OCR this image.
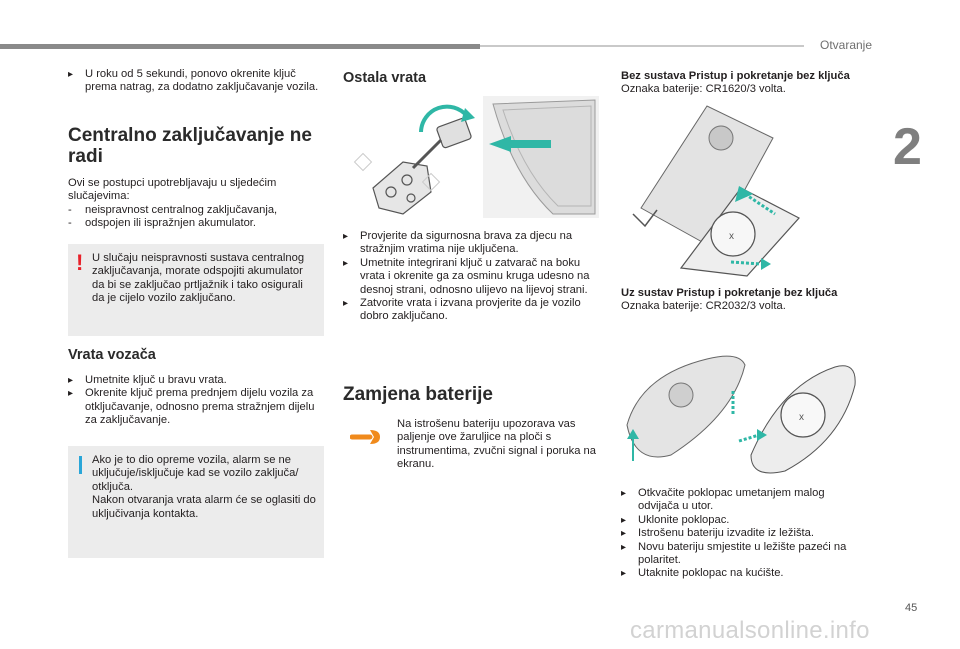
Otvaranje
2
▸ U roku od 5 sekundi, ponovo okrenite ključ prema natrag, za dodatno zaključavanje vozila.
Centralno zaključavanje ne radi
Ovi se postupci upotrebljavaju u sljedećim slučajevima:
- neispravnost centralnog zaključavanja,
- odspojen ili ispražnjen akumulator.
! U slučaju neispravnosti sustava centralnog zaključavanja, morate odspojiti akumulator da bi se zaključao prtljažnik i tako osigurali da je cijelo vozilo zaključano.
Vrata vozača
▸ Umetnite ključ u bravu vrata.
▸ Okrenite ključ prema prednjem dijelu vozila za otključavanje, odnosno prema stražnjem dijelu za zaključavanje.
Ako je to dio opreme vozila, alarm se ne uključuje/isključuje kad se vozilo zaključa/ otključa.
Nakon otvaranja vrata alarm će se oglasiti do uključivanja kontakta.
Ostala vrata
▸ Provjerite da sigurnosna brava za djecu na stražnjim vratima nije uključena.
▸ Umetnite integrirani ključ u zatvarač na boku vrata i okrenite ga za osminu kruga udesno na desnoj strani, odnosno ulijevo na lijevoj strani.
▸ Zatvorite vrata i izvana provjerite da je vozilo dobro zaključano.
Zamjena baterije
Na istrošenu bateriju upozorava vas paljenje ove žaruljice na ploči s instrumentima, zvučni signal i poruka na ekranu.
Bez sustava Pristup i pokretanje bez ključa
Oznaka baterije: CR1620/3 volta.
x
Uz sustav Pristup i pokretanje bez ključa
Oznaka baterije: CR2032/3 volta.
x
▸ Otkvačite poklopac umetanjem malog odvijača u utor.
▸ Uklonite poklopac.
▸ Istrošenu bateriju izvadite iz ležišta.
▸ Novu bateriju smjestite u ležište pazeći na polaritet.
▸ Utaknite poklopac na kućište.
45
carmanualsonline.info
